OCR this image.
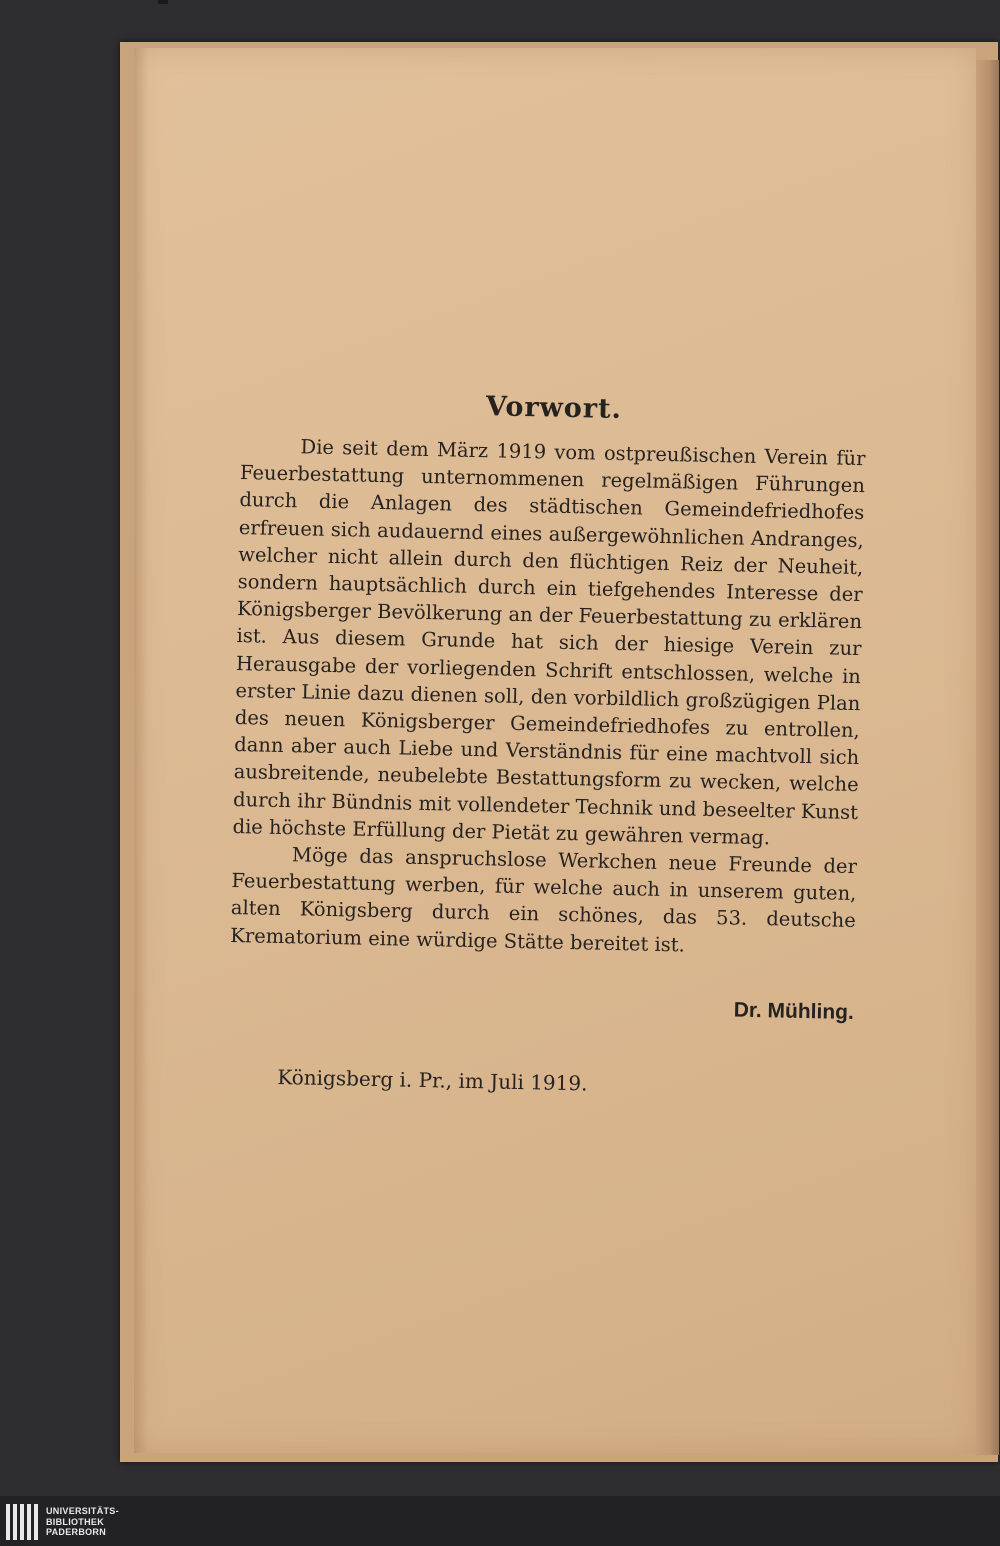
Vorwort.

Die seit dem März 1919 vom ostpreußischen Verein für Feuerbestattung unternommenen regelmäßigen Führungen durch die Anlagen des städtischen Gemeindefriedhofes erfreuen sich audauernd eines außergewöhnlichen Andranges, welcher nicht allein durch den flüchtigen Reiz der Neuheit, sondern hauptsächlich durch ein tiefgehendes Interesse der Königsberger Bevölkerung an der Feuerbestattung zu erklären ist. Aus diesem Grunde hat sich der hiesige Verein zur Herausgabe der vorliegenden Schrift entschlossen, welche in erster Linie dazu dienen soll, den vorbildlich großzügigen Plan des neuen Königsberger Gemeindefriedhofes zu entrollen, dann aber auch Liebe und Verständnis für eine machtvoll sich ausbreitende, neubelebte Bestattungsform zu wecken, welche durch ihr Bündnis mit vollendeter Technik und beseelter Kunst die höchste Erfüllung der Pietät zu gewähren vermag.

Möge das anspruchslose Werkchen neue Freunde der Feuerbestattung werben, für welche auch in unserem guten, alten Königsberg durch ein schönes, das 53. deutsche Krematorium eine würdige Stätte bereitet ist.

Dr. Mühling.

Königsberg i. Pr., im Juli 1919.

UNIVERSITÄTS-
BIBLIOTHEK
PADERBORN
